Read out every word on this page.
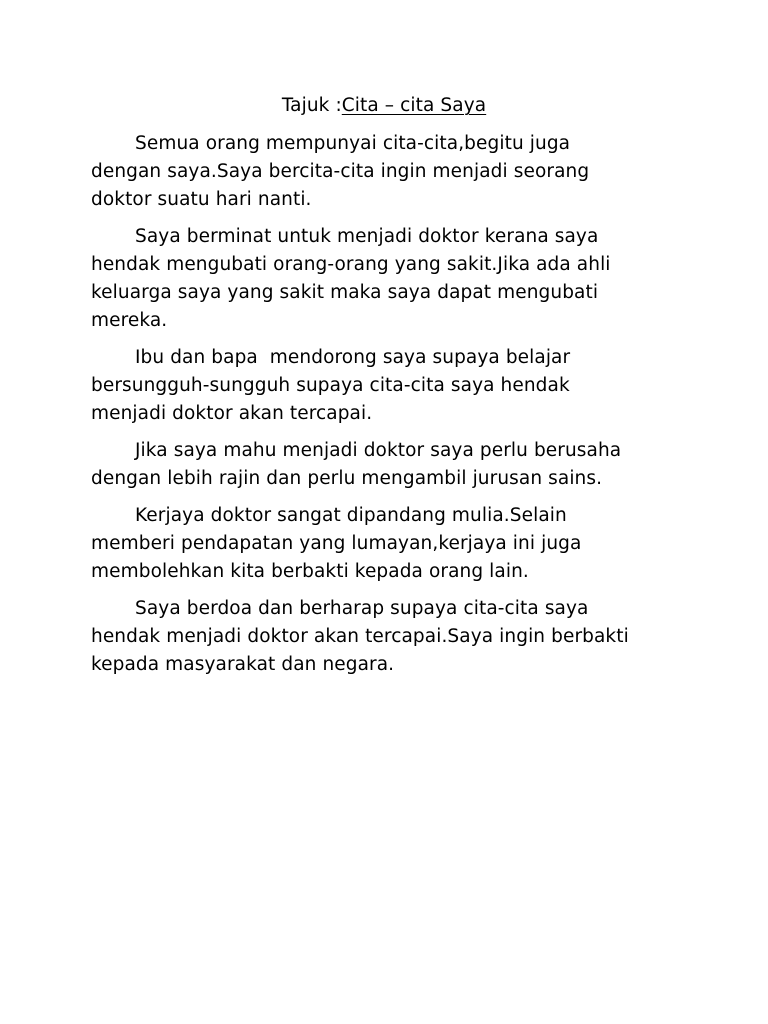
Tajuk :Cita – cita Saya

Semua orang mempunyai cita-cita,begitu juga
dengan saya.Saya bercita-cita ingin menjadi seorang
doktor suatu hari nanti.

Saya berminat untuk menjadi doktor kerana saya
hendak mengubati orang-orang yang sakit.Jika ada ahli
keluarga saya yang sakit maka saya dapat mengubati
mereka.

Ibu dan bapa  mendorong saya supaya belajar
bersungguh-sungguh supaya cita-cita saya hendak
menjadi doktor akan tercapai.

Jika saya mahu menjadi doktor saya perlu berusaha
dengan lebih rajin dan perlu mengambil jurusan sains.

Kerjaya doktor sangat dipandang mulia.Selain
memberi pendapatan yang lumayan,kerjaya ini juga
membolehkan kita berbakti kepada orang lain.

Saya berdoa dan berharap supaya cita-cita saya
hendak menjadi doktor akan tercapai.Saya ingin berbakti
kepada masyarakat dan negara.
